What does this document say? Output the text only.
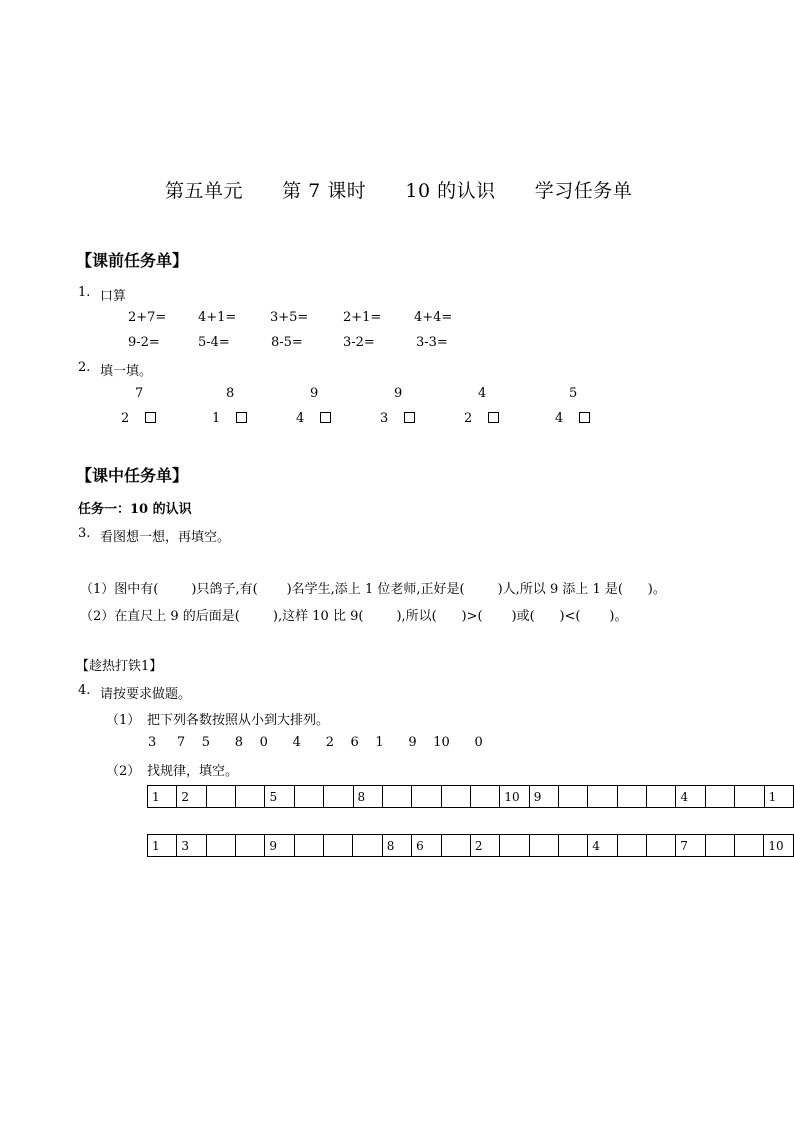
第五单元 第 7 课时 10 的认识 学习任务单
【课前任务单】
1. 口算
2+7= 4+1=	3+5=	2+1=	4+4=
9-2=	5-4=	8-5=	3-2=	3-3=
2. 填一填。
7	8	9	9	4	5
2	1	4	3	2	4
【课中任务单】
任务一：10 的认识
3. 看图想一想，再填空。
（1）图中有(        )只鸽子,有(       )名学生,添上 1 位老师,正好是(        )人,所以 9 添上 1 是(      )。
（2）在直尺上 9 的后面是(        ),这样 10 比 9(        ),所以(      )>(       )或(      )<(       )。
【趁热打铁1】
4. 请按要求做题。
（1） 把下列各数按照从小到大排列。
3     7    5      8    0      4      2    6    1      9    10      0
（2） 找规律，填空。
1	2			5			8					10	9					4			1
1	3			9				8	6		2				4			7			10
